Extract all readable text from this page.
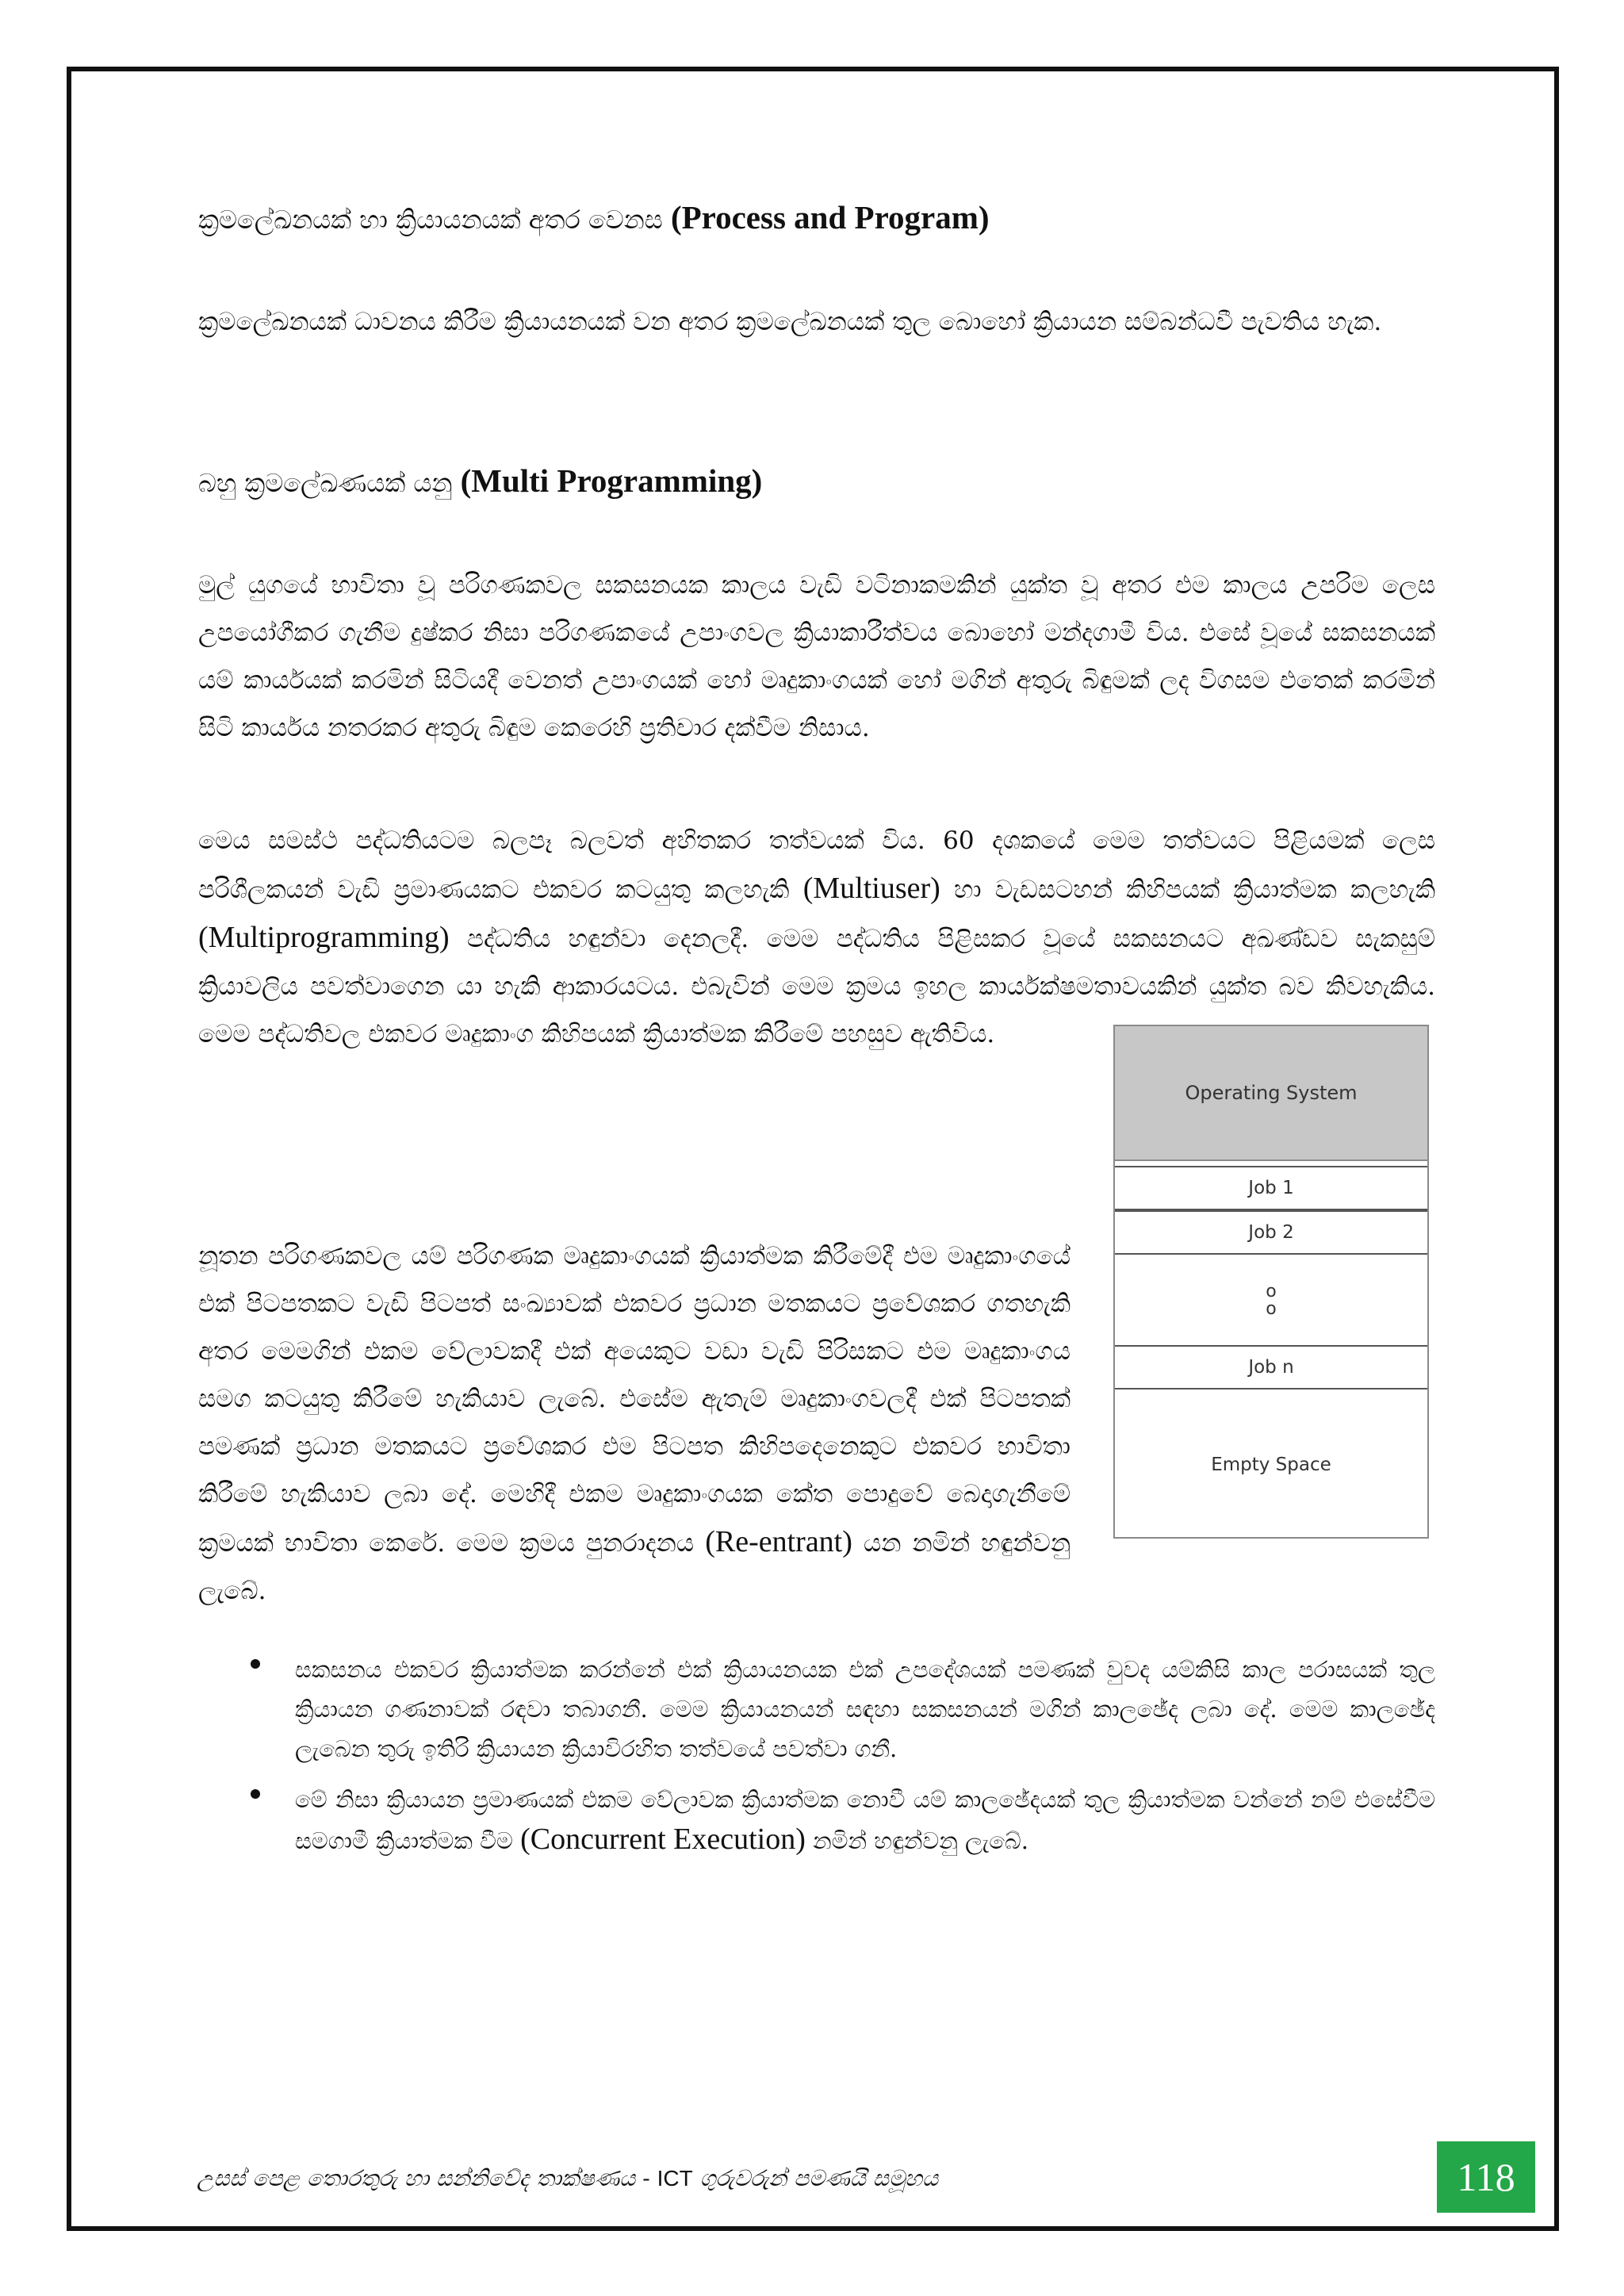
ක්‍රමලේඛනයක් හා ක්‍රියායනයක් අතර වෙනස (Process and Program)

ක්‍රමලේඛනයක් ධාවනය කිරීම ක්‍රියායනයක් වන අතර ක්‍රමලේඛනයක් තුල බොහෝ ක්‍රියායන සම්බන්ධවී පැවතිය හැක.

බහු ක්‍රමලේඛණයක් යනු (Multi Programming)

මුල් යුගයේ භාවිතා වූ පරිගණකවල සකසනයක කාලය වැඩි වටිනාකමකින් යුක්ත වූ අතර එම කාලය උපරිම ලෙස උපයෝගීකර ගැනීම දුෂ්කර නිසා පරිගණකයේ උපාංගවල ක්‍රියාකාරීත්වය බොහෝ මන්දගාමී විය. එසේ වූයේ සකසනයක් යම් කාර්යයක් කරමින් සිටියදී වෙනත් උපාංගයක් හෝ මෘදුකාංගයක් හෝ මගින් අතුරු බිඳුමක් ලද විගසම එතෙක් කරමින් සිටි කාර්යය නතරකර අතුරු බිඳුම කෙරෙහි ප්‍රතිචාර දක්වීම නිසාය.

මෙය සමස්ථ පද්ධතියටම බලපෑ බලවත් අහිතකර තත්වයක් විය. 60 දශකයේ මෙම තත්වයට පිළියමක් ලෙස පරිශීලකයන් වැඩි ප්‍රමාණයකට එකවර කටයුතු කලහැකි (Multiuser) හා වැඩසටහන් කිහිපයක් ක්‍රියාත්මක කලහැකි (Multiprogramming) පද්ධතිය හඳුන්වා දෙනලදී. මෙම පද්ධතිය පිළිසකර වූයේ සකසනයට අඛණ්ඩව සැකසුම් ක්‍රියාවලිය පවත්වාගෙන යා හැකි ආකාරයටය. එබැවින් මෙම ක්‍රමය ඉහල කාර්යක්ෂමතාවයකින් යුක්ත බව කිවහැකිය. මෙම පද්ධතිවල එකවර මෘදුකාංග කිහිපයක් ක්‍රියාත්මක කිරීමේ පහසුව ඇතිවිය.

Operating System
Job 1
Job 2
o
o
Job n
Empty Space

නූතන පරිගණකවල යම් පරිගණක මෘදුකාංගයක් ක්‍රියාත්මක කිරීමේදී එම මෘදුකාංගයේ එක් පිටපතකට වැඩි පිටපත් සංඛ්‍යාවක් එකවර ප්‍රධාන මතකයට ප්‍රවේශකර ගතහැකි අතර මෙමගින් එකම වේලාවකදී එක් අයෙකුට වඩා වැඩි පිරිසකට එම මෘදුකාංගය සමග කටයුතු කිරීමේ හැකියාව ලැබේ. එසේම ඇතැම් මෘදුකාංගවලදී එක් පිටපතක් පමණක් ප්‍රධාන මතකයට ප්‍රවේශකර එම පිටපත කිහිපදෙනෙකුට එකවර භාවිතා කිරීමේ හැකියාව ලබා දේ. මෙහිදී එකම මෘදුකාංගයක කේත පොදුවේ බෙදාගැනීමේ ක්‍රමයක් භාවිතා කෙරේ. මෙම ක්‍රමය පුනරාදනය (Re-entrant) යන නමින් හඳුන්වනු ලැබේ.

සකසනය එකවර ක්‍රියාත්මක කරන්නේ එක් ක්‍රියායනයක එක් උපදේශයක් පමණක් වුවද යම්කිසි කාල පරාසයක් තුල ක්‍රියායන ගණනාවක් රඳවා තබාගනී. මෙම ක්‍රියායනයන් සඳහා සකසනයන් මගින් කාලඡේද ලබා දේ. මෙම කාලඡේද ලැබෙන තුරු ඉතිරි ක්‍රියායන ක්‍රියාවිරහිත තත්වයේ පවත්වා ගනී.
මේ නිසා ක්‍රියායන ප්‍රමාණයක් එකම වේලාවක ක්‍රියාත්මක නොවී යම් කාලඡේදයක් තුල ක්‍රියාත්මක වන්නේ නම් එසේවීම සමගාමී ක්‍රියාත්මක වීම (Concurrent Execution) නමින් හඳුන්වනු ලැබේ.
උසස් පෙළ තොරතුරු හා සන්නිවේද තාක්ෂණය - ICT ගුරුවරුන් පමණයි සමූහය	118
